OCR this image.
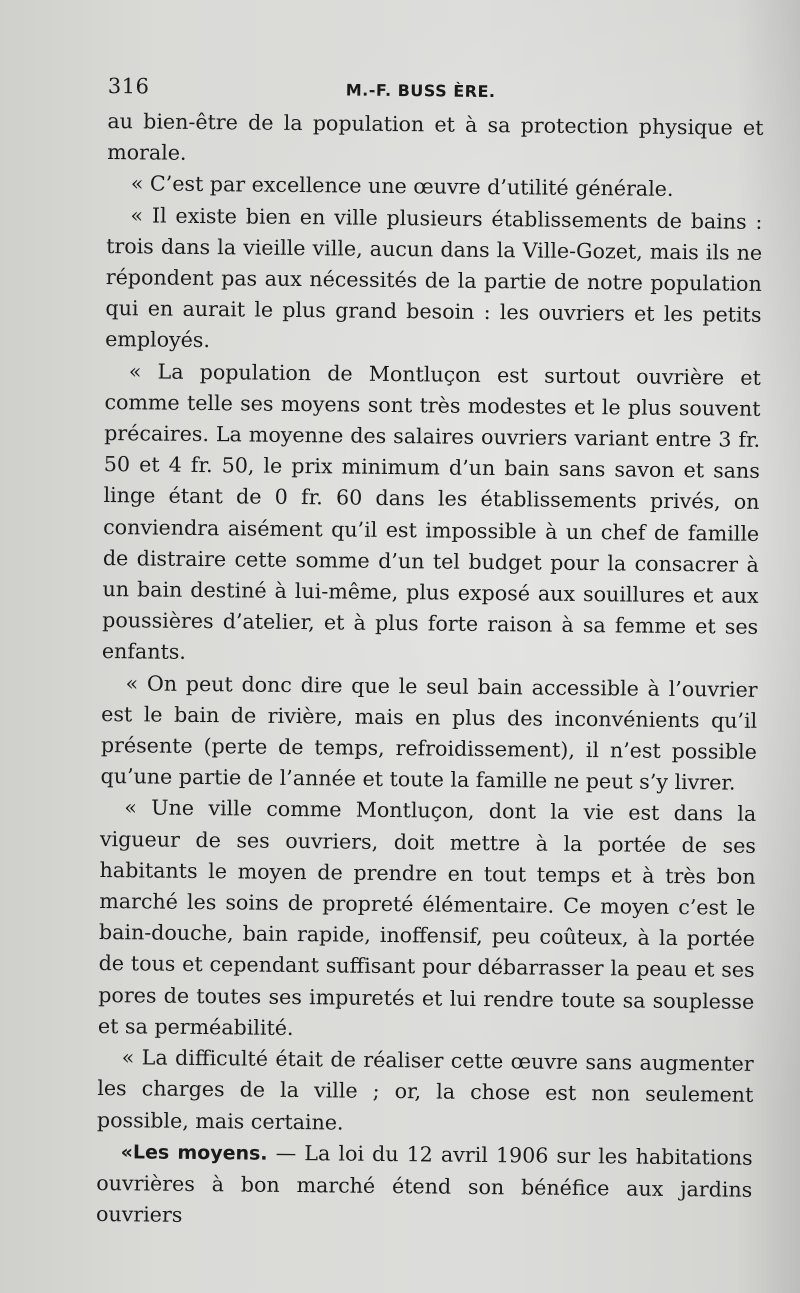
316	M.-F. BUSS ÈRE.

au bien-être de la population et à sa protection physique et morale.

« C’est par excellence une œuvre d’utilité générale.

« Il existe bien en ville plusieurs établissements de bains : trois dans la vieille ville, aucun dans la Ville-Gozet, mais ils ne répondent pas aux nécessités de la partie de notre population qui en aurait le plus grand besoin : les ouvriers et les petits employés.

« La population de Montluçon est surtout ouvrière et comme telle ses moyens sont très modestes et le plus souvent précaires. La moyenne des salaires ouvriers variant entre 3 fr. 50 et 4 fr. 50, le prix minimum d’un bain sans savon et sans linge étant de 0 fr. 60 dans les établissements privés, on conviendra aisément qu’il est impossible à un chef de famille de distraire cette somme d’un tel budget pour la consacrer à un bain destiné à lui-même, plus exposé aux souillures et aux poussières d’atelier, et à plus forte raison à sa femme et ses enfants.

« On peut donc dire que le seul bain accessible à l’ouvrier est le bain de rivière, mais en plus des inconvénients qu’il présente (perte de temps, refroidissement), il n’est possible qu’une partie de l’année et toute la famille ne peut s’y livrer.

« Une ville comme Montluçon, dont la vie est dans la vigueur de ses ouvriers, doit mettre à la portée de ses habitants le moyen de prendre en tout temps et à très bon marché les soins de propreté élémentaire. Ce moyen c’est le bain-douche, bain rapide, inoffensif, peu coûteux, à la portée de tous et cependant suffisant pour débarrasser la peau et ses pores de toutes ses impuretés et lui rendre toute sa souplesse et sa perméabilité.

« La difficulté était de réaliser cette œuvre sans augmenter les charges de la ville ; or, la chose est non seulement possible, mais certaine.

«Les moyens. — La loi du 12 avril 1906 sur les habitations ouvrières à bon marché étend son bénéfice aux jardins ouvriers
